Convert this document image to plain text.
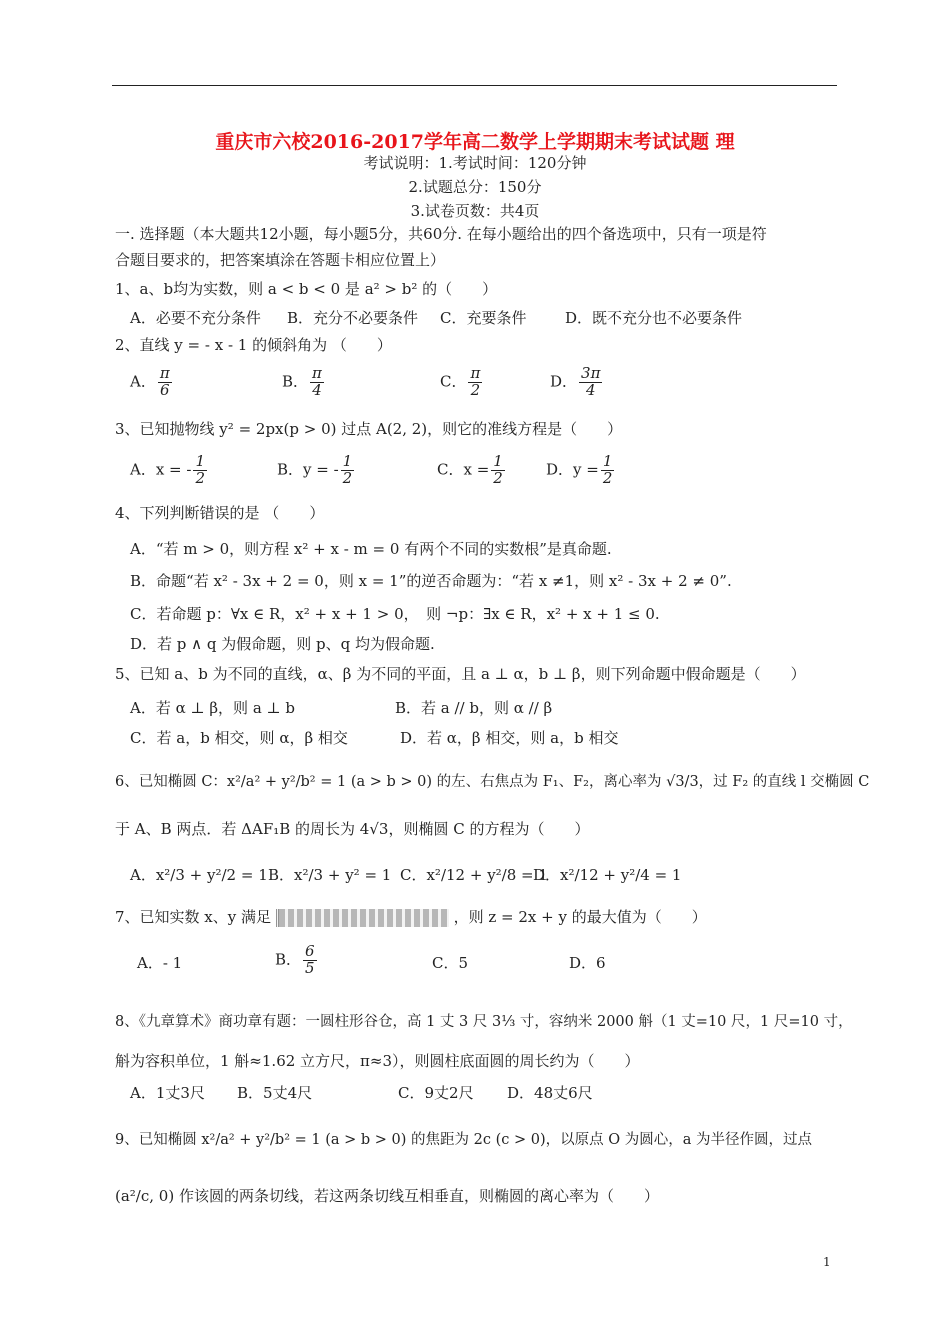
重庆市六校2016-2017学年高二数学上学期期末考试试题 理
考试说明：1.考试时间：120分钟
2.试题总分：150分
3.试卷页数：共4页
一. 选择题（本大题共12小题，每小题5分，共60分. 在每小题给出的四个备选项中，只有一项是符
合题目要求的，把答案填涂在答题卡相应位置上）
1、a、b均为实数，则 a < b < 0 是 a² > b² 的（　　）
A．必要不充分条件 B．充分不必要条件 C．充要条件	D．既不充分也不必要条件
2、直线 y = - x - 1 的倾斜角为 （　　）
A． $\frac{\pi}{6}$	B． $\frac{\pi}{4}$	C． $\frac{\pi}{2}$	D． $\frac{3\pi}{4}$
3、已知抛物线 y² = 2px(p > 0) 过点 A(2, 2)，则它的准线方程是（　　）
A．x = - $\frac{1}{2}$	B．y = - $\frac{1}{2}$	C．$x = \frac{1}{2}$	D．$y = \frac{1}{2}$
4、下列判断错误的是 （　　）
A．“若 m > 0，则方程 x² + x - m = 0 有两个不同的实数根”是真命题.
B．命题“若 x² - 3x + 2 = 0，则 x = 1”的逆否命题为：“若 x ≠1，则 x² - 3x + 2 ≠ 0”.
C．若命题 p：∀x ∈ R，x² + x + 1 > 0，　则 ¬p：∃x ∈ R，x² + x + 1 ≤ 0.
D．若 p ∧ q 为假命题，则 p、q 均为假命题.
5、已知 a、b 为不同的直线，α、β 为不同的平面，且 a ⊥ α，b ⊥ β，则下列命题中假命题是（　　）
A．若 α ⊥ β，则 a ⊥ b	B．若 a // b，则 α // β
C．若 a，b 相交，则 α，β 相交	D．若 α，β 相交，则 a，b 相交
6、已知椭圆 C：x²/a² + y²/b² = 1 (a > b > 0) 的左、右焦点为 F₁、F₂，离心率为 √3/3，过 F₂ 的直线 l 交椭圆 C
于 A、B 两点．若 ΔAF₁B 的周长为 4√3，则椭圆 C 的方程为（　　）
A．x²/3 + y²/2 = 1 B．x²/3 + y² = 1 C．x²/12 + y²/8 = 1
D．x²/12 + y²/4 = 1
7、已知实数 x、y 满足	，则 z = 2x + y 的最大值为（　　）
A．- 1	B． $\frac{6}{5}$	C．5	D．6
8、《九章算术》商功章有题：一圆柱形谷仓，高 1 丈 3 尺 3⅓ 寸，容纳米 2000 斛（1 丈=10 尺，1 尺=10 寸，
斛为容积单位，1 斛≈1.62 立方尺，π≈3），则圆柱底面圆的周长约为（　　）
A．1丈3尺 B．5丈4尺	C．9丈2尺 D．48丈6尺
9、已知椭圆 x²/a² + y²/b² = 1 (a > b > 0) 的焦距为 2c (c > 0)，以原点 O 为圆心，a 为半径作圆，过点
(a²/c, 0) 作该圆的两条切线，若这两条切线互相垂直，则椭圆的离心率为（　　）
1
